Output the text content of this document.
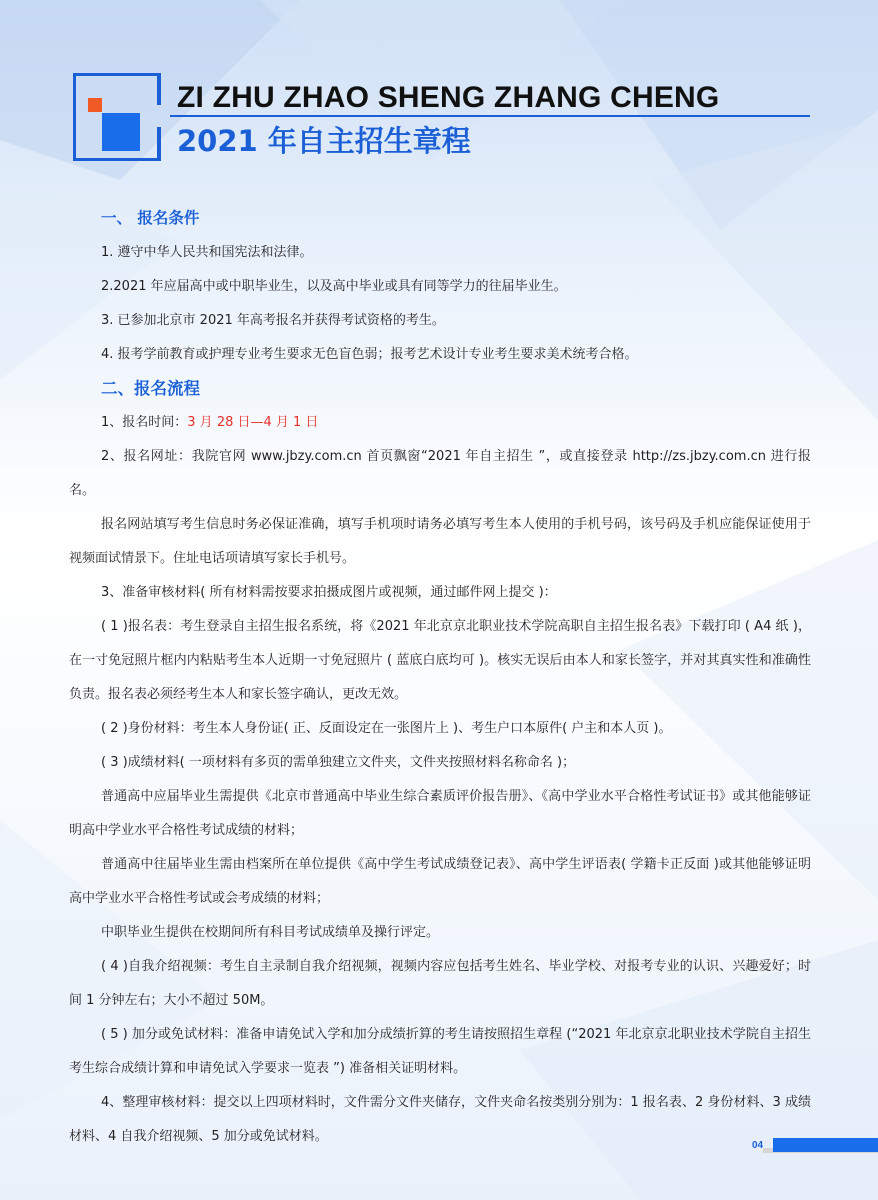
ZI ZHU ZHAO SHENG ZHANG CHENG
2021 年自主招生章程

一、 报名条件

1. 遵守中华人民共和国宪法和法律。

2.2021 年应届高中或中职毕业生，以及高中毕业或具有同等学力的往届毕业生。

3. 已参加北京市 2021 年高考报名并获得考试资格的考生。

4. 报考学前教育或护理专业考生要求无色盲色弱；报考艺术设计专业考生要求美术统考合格。

二、报名流程

1、报名时间：3 月 28 日—4 月 1 日

2、报名网址：我院官网 www.jbzy.com.cn 首页飘窗“2021 年自主招生 ”，或直接登录 http://zs.jbzy.com.cn 进行报名。

报名网站填写考生信息时务必保证准确，填写手机项时请务必填写考生本人使用的手机号码，该号码及手机应能保证使用于视频面试情景下。住址电话项请填写家长手机号。

3、准备审核材料( 所有材料需按要求拍摄成图片或视频，通过邮件网上提交 )：

( 1 )报名表：考生登录自主招生报名系统，将《2021 年北京京北职业技术学院高职自主招生报名表》下载打印 ( A4 纸 )，在一寸免冠照片框内内粘贴考生本人近期一寸免冠照片 ( 蓝底白底均可 )。核实无误后由本人和家长签字，并对其真实性和准确性负责。报名表必须经考生本人和家长签字确认，更改无效。

( 2 )身份材料：考生本人身份证( 正、反面设定在一张图片上 )、考生户口本原件( 户主和本人页 )。

( 3 )成绩材料( 一项材料有多页的需单独建立文件夹，文件夹按照材料名称命名 )；

普通高中应届毕业生需提供《北京市普通高中毕业生综合素质评价报告册》、《高中学业水平合格性考试证书》或其他能够证明高中学业水平合格性考试成绩的材料；

普通高中往届毕业生需由档案所在单位提供《高中学生考试成绩登记表》、高中学生评语表( 学籍卡正反面 )或其他能够证明高中学业水平合格性考试或会考成绩的材料；

中职毕业生提供在校期间所有科目考试成绩单及操行评定。

( 4 )自我介绍视频：考生自主录制自我介绍视频，视频内容应包括考生姓名、毕业学校、对报考专业的认识、兴趣爱好；时间 1 分钟左右；大小不超过 50M。

( 5 ) 加分或免试材料：准备申请免试入学和加分成绩折算的考生请按照招生章程 (“2021 年北京京北职业技术学院自主招生考生综合成绩计算和申请免试入学要求一览表 ”) 准备相关证明材料。

4、整理审核材料：提交以上四项材料时，文件需分文件夹储存，文件夹命名按类别分别为：1 报名表、2 身份材料、3 成绩材料、4 自我介绍视频、5 加分或免试材料。

04
